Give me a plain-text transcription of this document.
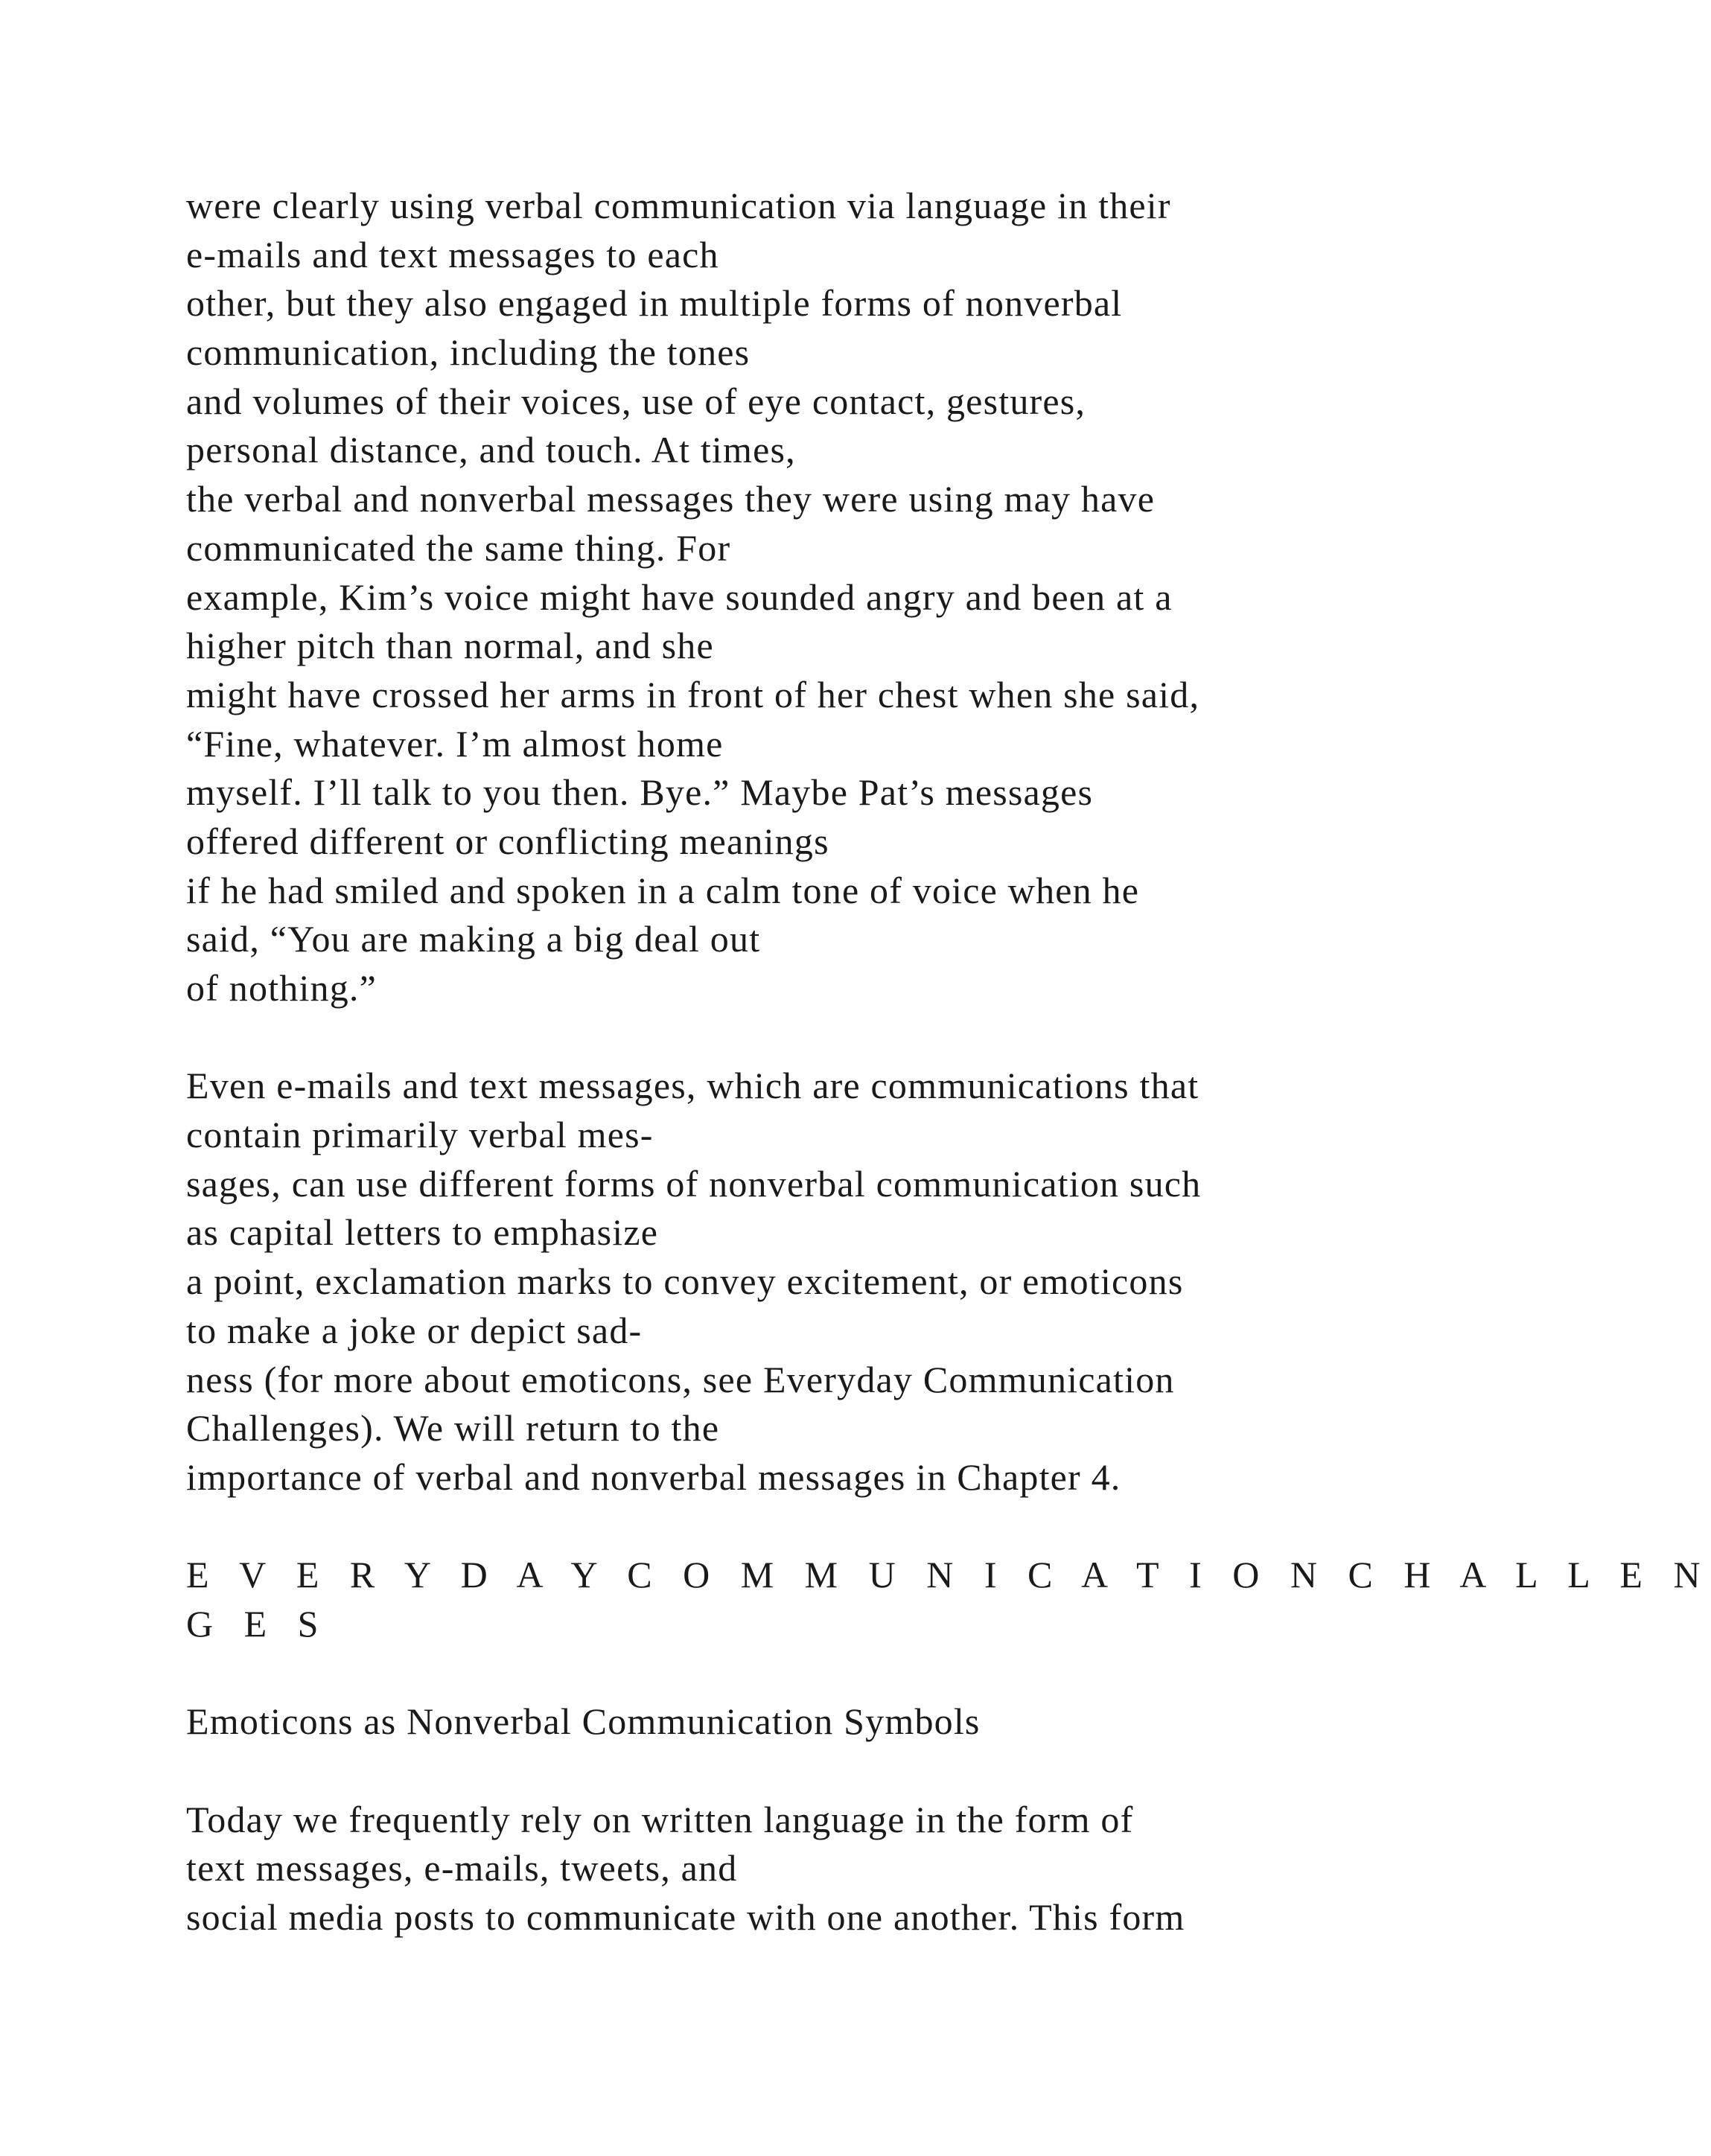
were clearly using verbal communication via language in their
e-mails and text messages to each
other, but they also engaged in multiple forms of nonverbal
communication, including the tones
and volumes of their voices, use of eye contact, gestures,
personal distance, and touch. At times,
the verbal and nonverbal messages they were using may have
communicated the same thing. For
example, Kim’s voice might have sounded angry and been at a
higher pitch than normal, and she
might have crossed her arms in front of her chest when she said,
“Fine, whatever. I’m almost home
myself. I’ll talk to you then. Bye.” Maybe Pat’s messages
offered different or conflicting meanings
if he had smiled and spoken in a calm tone of voice when he
said, “You are making a big deal out
of nothing.”
Even e-mails and text messages, which are communications that
contain primarily verbal mes-
sages, can use different forms of nonverbal communication such
as capital letters to emphasize
a point, exclamation marks to convey excitement, or emoticons
to make a joke or depict sad-
ness (for more about emoticons, see Everyday Communication
Challenges). We will return to the
importance of verbal and nonverbal messages in Chapter 4.
E V E R Y D A Y C O M M U N I C A T I O N C H A L L E N
G E S
Emoticons as Nonverbal Communication Symbols
Today we frequently rely on written language in the form of
text messages, e-mails, tweets, and
social media posts to communicate with one another. This form
